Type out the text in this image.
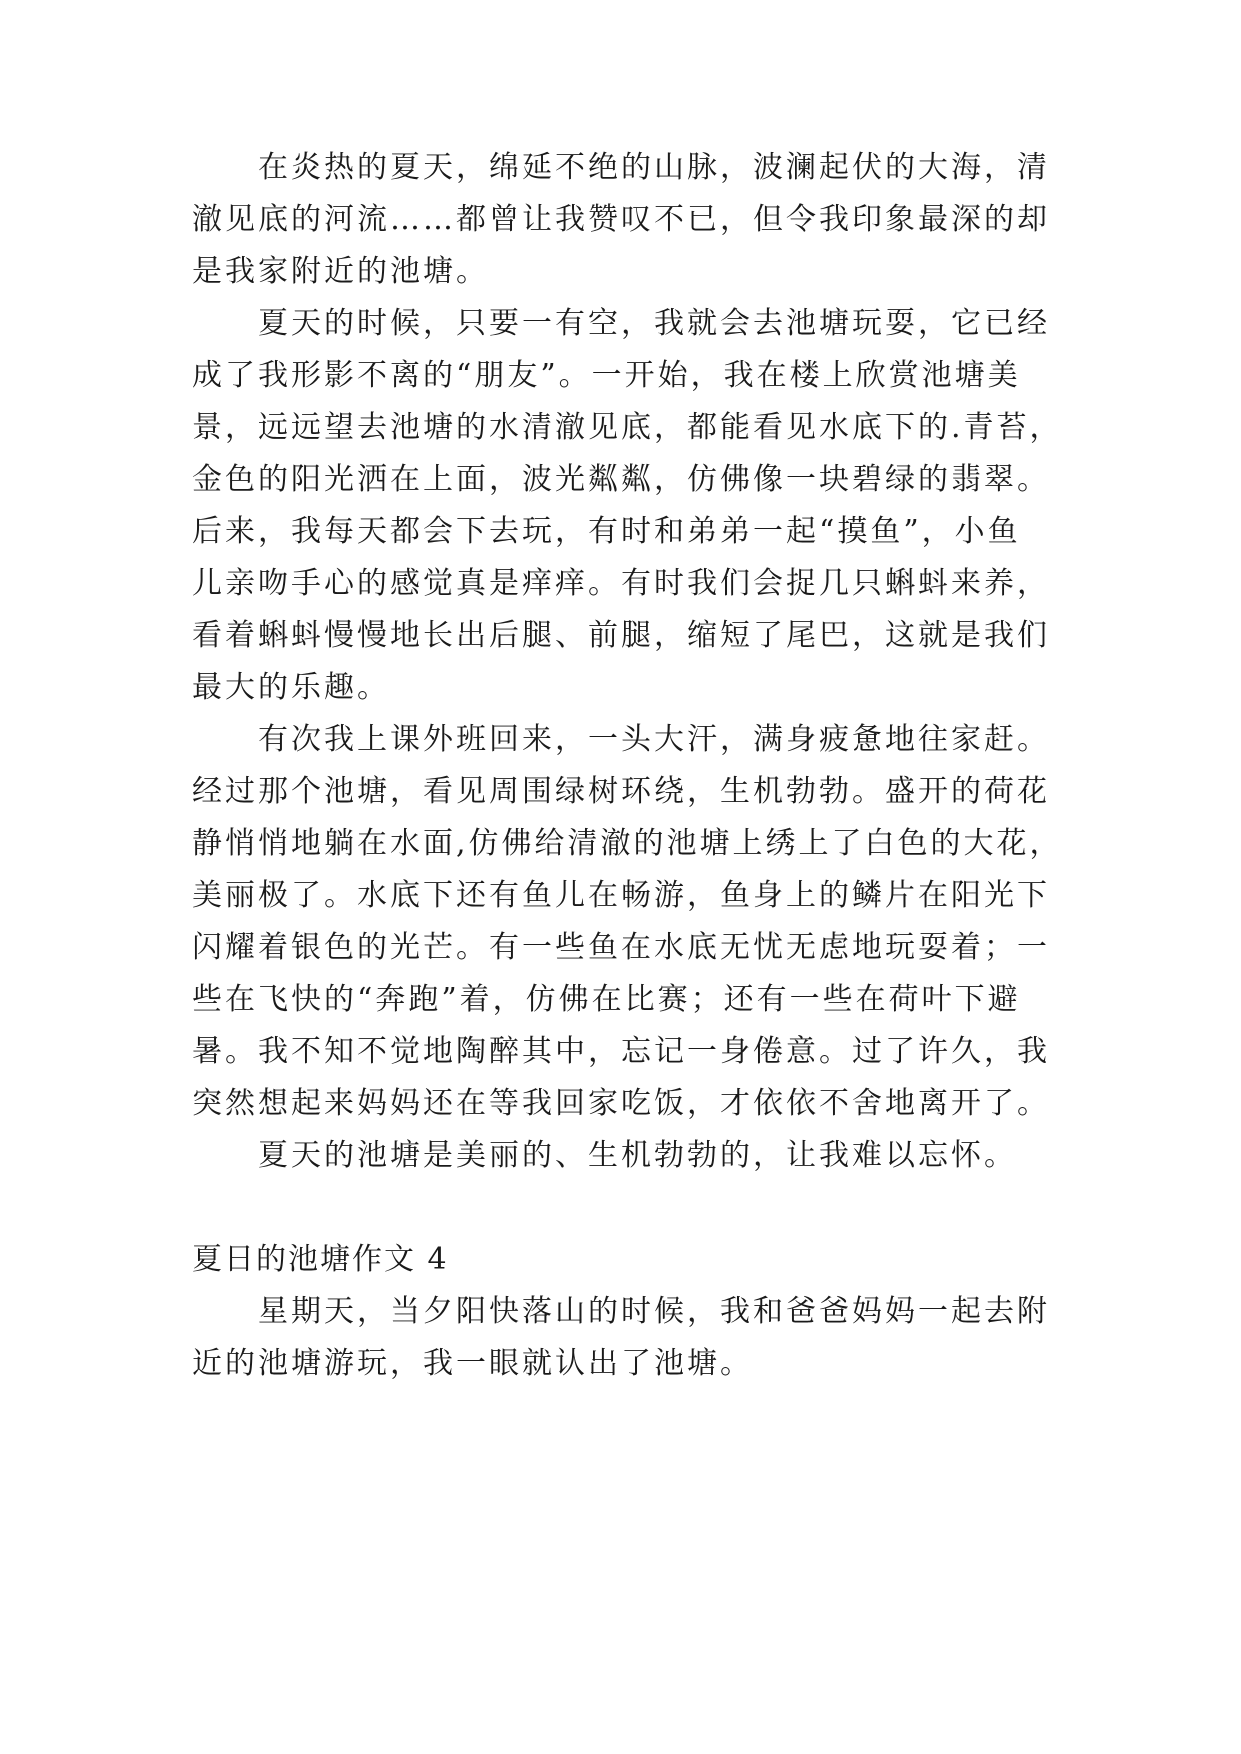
在炎热的夏天，绵延不绝的山脉，波澜起伏的大海，清
澈见底的河流……都曾让我赞叹不已，但令我印象最深的却
是我家附近的池塘。
夏天的时候，只要一有空，我就会去池塘玩耍，它已经
成了我形影不离的“朋友”。一开始，我在楼上欣赏池塘美
景，远远望去池塘的水清澈见底，都能看见水底下的.青苔，
金色的阳光洒在上面，波光粼粼，仿佛像一块碧绿的翡翠。
后来，我每天都会下去玩，有时和弟弟一起“摸鱼”，小鱼
儿亲吻手心的感觉真是痒痒。有时我们会捉几只蝌蚪来养，
看着蝌蚪慢慢地长出后腿、前腿，缩短了尾巴，这就是我们
最大的乐趣。
有次我上课外班回来，一头大汗，满身疲惫地往家赶。
经过那个池塘，看见周围绿树环绕，生机勃勃。盛开的荷花
静悄悄地躺在水面,仿佛给清澈的池塘上绣上了白色的大花，
美丽极了。水底下还有鱼儿在畅游，鱼身上的鳞片在阳光下
闪耀着银色的光芒。有一些鱼在水底无忧无虑地玩耍着；一
些在飞快的“奔跑”着，仿佛在比赛；还有一些在荷叶下避
暑。我不知不觉地陶醉其中，忘记一身倦意。过了许久，我
突然想起来妈妈还在等我回家吃饭，才依依不舍地离开了。
夏天的池塘是美丽的、生机勃勃的，让我难以忘怀。
夏日的池塘作文 4
星期天，当夕阳快落山的时候，我和爸爸妈妈一起去附
近的池塘游玩，我一眼就认出了池塘。
